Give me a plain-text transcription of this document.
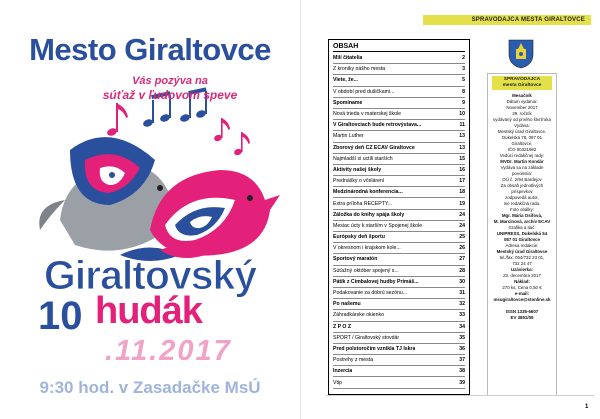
Mesto Giraltovce
Vás pozýva na
súťaž v ľudovom speve
Giraltovský
10 hudák
.11.2017
9:30 hod. v Zasadačke MsÚ
SPRAVODAJCA MESTA GIRALTOVCE
OBSAH
Milí čitatelia	2
Z kroniky nášho mesta	3
Viete, že...	5
V období pred dušičkami...	8
Spomíname	9
Nová trieda v materskej škole	10
V Giraltovciach bude retrovýstava...	11
Martin Luther	13
Zborový deň CZ ECAV Giraltovce	13
Najmladší si uctili starších	15
Aktivity našej školy	16
Prednášky o včelárení	17
Medzinárodná konferencia...	18
Extra príloha RECEPTY...	19
Záložka do knihy spája školy	24
Mesiac úcty k starším v Spojenej škole	24
Európsky deň športu	25
V okresnom i krajskom kole...	26
Športový maratón	27
Súťažný október spojený s...	28
Pátik z Cimbalovej hudby Primáš...	30
Podakovanie za dobrú sezónu...	31
Po našemu	32
Záhradkárske okienko	33
Z P O Z	34
ŠPORT / Giraltovský stovdár	35
Pred polstoročím vznikla TJ Iskra	36
Postrehy z mesta	37
Inzercia	38
Vtip	39
SPRAVODAJCA
mesta Giraltovce
Mesačník
Dátum vydania:
November 2017
29. ročník
vydávaný od prvého štvrťroka
Vydáva:
Mestský úrad Giraltovce,
Dukelská 78, 087 01
Giraltovce,
IČO 00321982
Vedúci redakčnej rady:
MVDr. Martin Kondár
Vydáva sa na základe
povolenia:
OÚ č. 2/94 Bardejov
Za obsah jednotlivých
príspevkov
zodpovedá autor,
nie redakčná rada.
Foto obálky:
Mgr. Mária Osifová,
M. Marcinová, archív ECAV
Grafika a tlač:
UNIPRESS, Dukelská 54
087 01 Giraltovce
Adresa redakcie:
Mestský úrad Giraltovce
tel./fax: 054/732 23 01,
732 24 47
Uzávierka:
23. decembra 2017
Náklad:
270 ks, Cena 0,50 €
e-mail:
msugiraltovce@stonline.sk
ISSN 1335-6607
EV 3891/09
1
